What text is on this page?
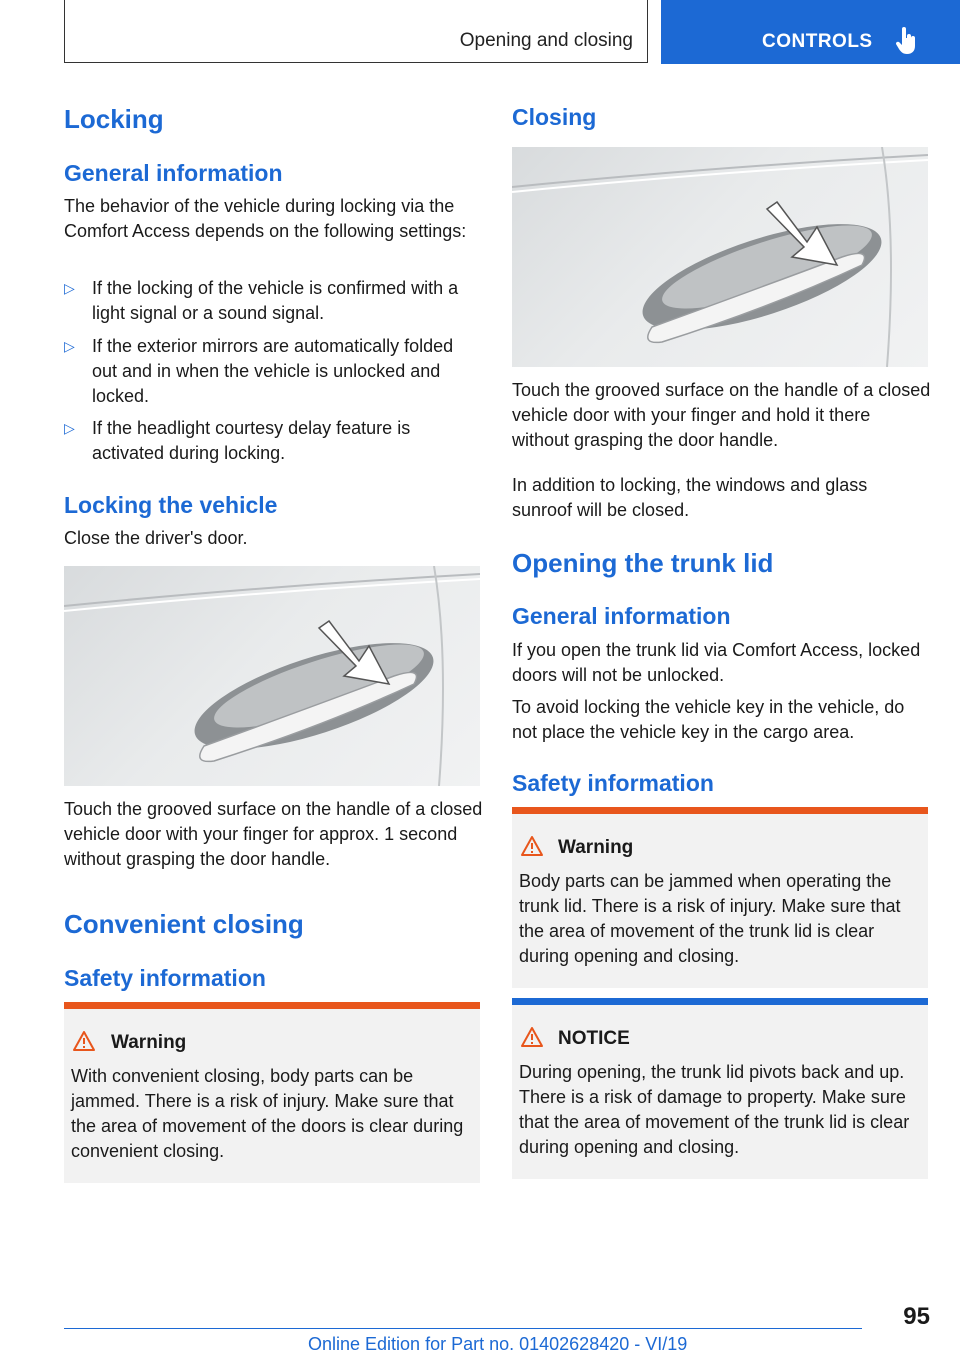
Opening and closing	CONTROLS
Locking
General information

The behavior of the vehicle during locking via the Comfort Access depends on the following settings:

▷ If the locking of the vehicle is confirmed with a light signal or a sound signal.
▷ If the exterior mirrors are automatically folded out and in when the vehicle is unlocked and locked.
▷ If the headlight courtesy delay feature is activated during locking.
Locking the vehicle

Close the driver's door.

Touch the grooved surface on the handle of a closed vehicle door with your finger for approx. 1 second without grasping the door handle.

Convenient closing
Safety information
Warning

With convenient closing, body parts can be jammed. There is a risk of injury. Make sure that the area of movement of the doors is clear during convenient closing.

Closing

Touch the grooved surface on the handle of a closed vehicle door with your finger and hold it there without grasping the door handle.

In addition to locking, the windows and glass sunroof will be closed.

Opening the trunk lid
General information

If you open the trunk lid via Comfort Access, locked doors will not be unlocked.

To avoid locking the vehicle key in the vehicle, do not place the vehicle key in the cargo area.

Safety information
Warning

Body parts can be jammed when operating the trunk lid. There is a risk of injury. Make sure that the area of movement of the trunk lid is clear during opening and closing.

NOTICE

During opening, the trunk lid pivots back and up. There is a risk of damage to property. Make sure that the area of movement of the trunk lid is clear during opening and closing.

95
Online Edition for Part no. 01402628420 - VI/19
